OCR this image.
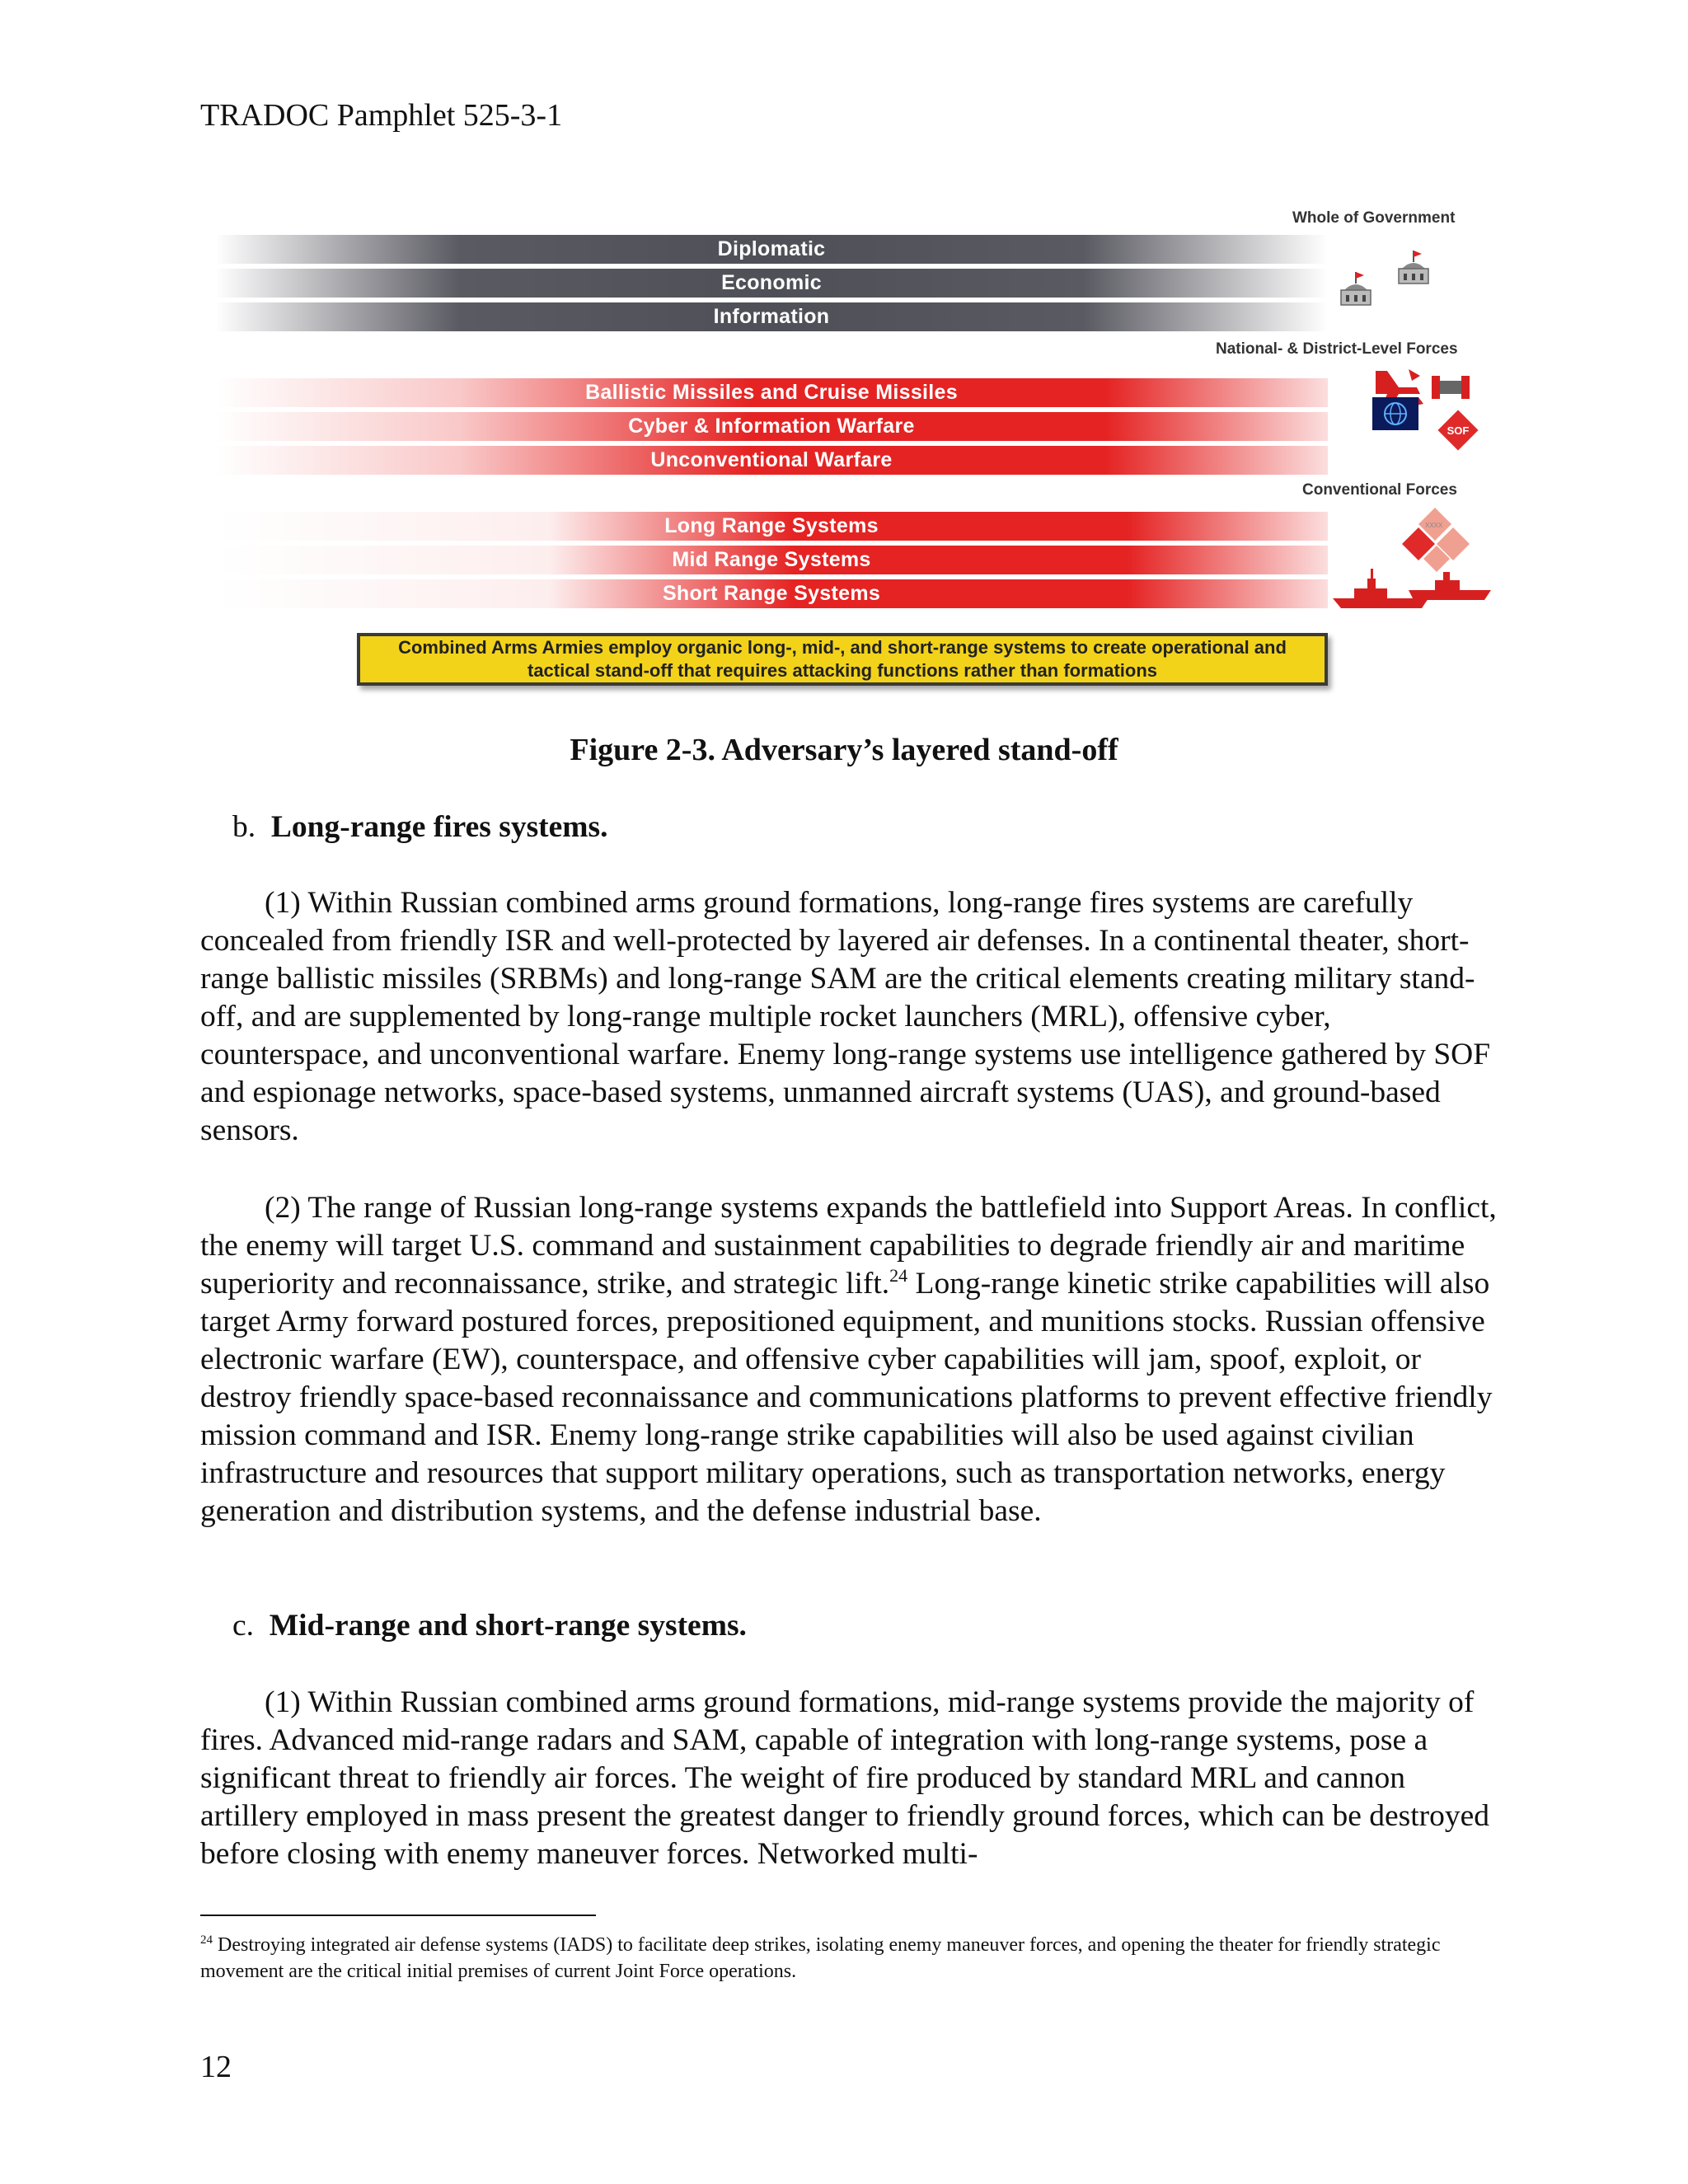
TRADOC Pamphlet 525-3-1
Whole of Government
Diplomatic
Economic
Information
National- & District-Level Forces
Ballistic Missiles and Cruise Missiles
Cyber & Information Warfare
Unconventional Warfare
Conventional Forces
Long Range Systems
Mid Range Systems
Short Range Systems
SOF
XXXX
Combined Arms Armies employ organic long-, mid-, and short-range systems to create operational and tactical stand-off that requires attacking functions rather than formations
Figure 2-3. Adversary’s layered stand-off
b. Long-range fires systems.
(1) Within Russian combined arms ground formations, long-range fires systems are carefully concealed from friendly ISR and well-protected by layered air defenses. In a continental theater, short-range ballistic missiles (SRBMs) and long-range SAM are the critical elements creating military stand-off, and are supplemented by long-range multiple rocket launchers (MRL), offensive cyber, counterspace, and unconventional warfare. Enemy long-range systems use intelligence gathered by SOF and espionage networks, space-based systems, unmanned aircraft systems (UAS), and ground-based sensors.
(2) The range of Russian long-range systems expands the battlefield into Support Areas. In conflict, the enemy will target U.S. command and sustainment capabilities to degrade friendly air and maritime superiority and reconnaissance, strike, and strategic lift.$^{24}$ Long-range kinetic strike capabilities will also target Army forward postured forces, prepositioned equipment, and munitions stocks. Russian offensive electronic warfare (EW), counterspace, and offensive cyber capabilities will jam, spoof, exploit, or destroy friendly space-based reconnaissance and communications platforms to prevent effective friendly mission command and ISR. Enemy long-range strike capabilities will also be used against civilian infrastructure and resources that support military operations, such as transportation networks, energy generation and distribution systems, and the defense industrial base.
c. Mid-range and short-range systems.
(1) Within Russian combined arms ground formations, mid-range systems provide the majority of fires. Advanced mid-range radars and SAM, capable of integration with long-range systems, pose a significant threat to friendly air forces. The weight of fire produced by standard MRL and cannon artillery employed in mass present the greatest danger to friendly ground forces, which can be destroyed before closing with enemy maneuver forces. Networked multi-
$^{24}$ Destroying integrated air defense systems (IADS) to facilitate deep strikes, isolating enemy maneuver forces, and opening the theater for friendly strategic movement are the critical initial premises of current Joint Force operations.
12
